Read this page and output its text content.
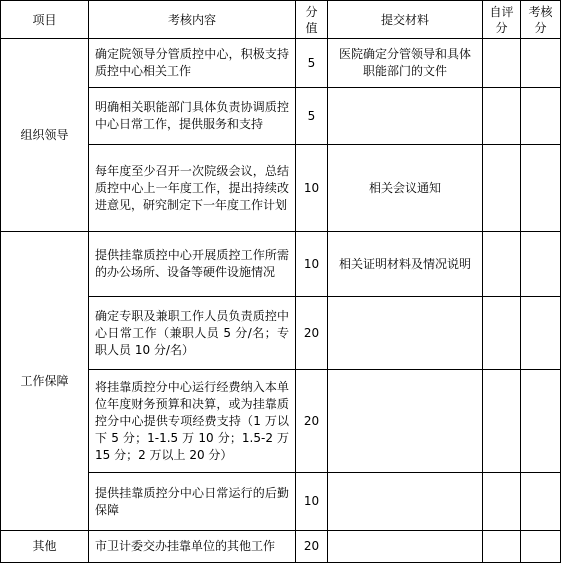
项目	考核内容	分值	提交材料	自评分	考核分
组织领导	确定院领导分管质控中心，积极支持质控中心相关工作	5	医院确定分管领导和具体职能部门的文件		
	明确相关职能部门具体负责协调质控中心日常工作，提供服务和支持	5			
	每年度至少召开一次院级会议，总结质控中心上一年度工作，提出持续改进意见，研究制定下一年度工作计划	10	相关会议通知		
工作保障	提供挂靠质控中心开展质控工作所需的办公场所、设备等硬件设施情况	10	相关证明材料及情况说明		
	确定专职及兼职工作人员负责质控中心日常工作（兼职人员 5 分/名；专职人员 10 分/名）	20			
	将挂靠质控分中心运行经费纳入本单位年度财务预算和决算，或为挂靠质控分中心提供专项经费支持（1 万以下 5 分；1-1.5 万 10 分；1.5-2 万 15 分；2 万以上 20 分）	20			
	提供挂靠质控分中心日常运行的后勤保障	10			
其他	市卫计委交办挂靠单位的其他工作	20			
